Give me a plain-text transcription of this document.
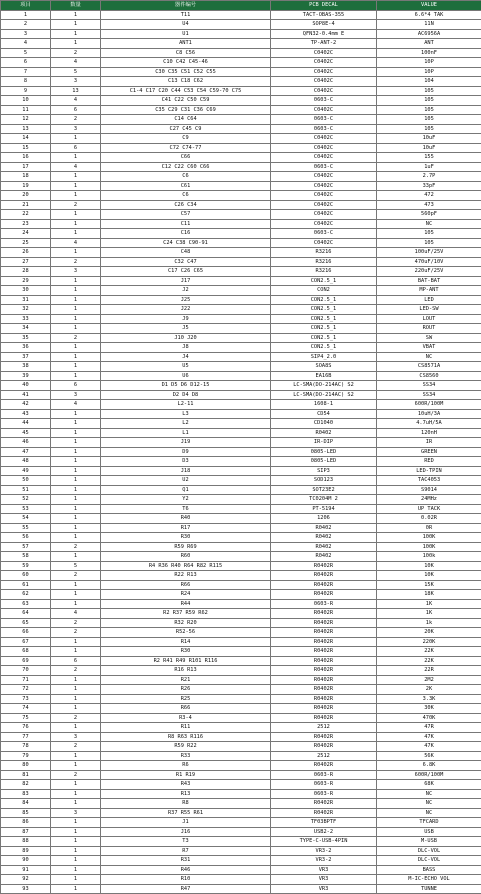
项目	数量	器件编号	PCB DECAL	VALUE
1	1	T11	TACT-OBAS-355	6.6*4 TAK
2	1	U4	SOP8E-4	11N
3	1	U1	QFN32-0.4mm E	AC6956A
4	1	ANT1	TP-ANT-2	ANT
5	2	C8 C56	C0402C	100nF
6	4	C10 C42 C45-46	C0402C	10P
7	5	C30 C35 C51 C52 C55	C0402C	10P
8	3	C13 C18 C62	C0402C	104
9	13	C1-4 C17 C20 C44 C53 C54 C59-70 C75	C0402C	105
10	4	C41 C22 C50 C59	0603-C	105
11	6	C35 C29 C31 C36 C69	C0402C	105
12	2	C14 C64	0603-C	105
13	3	C27 C45 C9	0603-C	105
14	1	C9	C0402C	10uF
15	6	C72 C74-77	C0402C	10uF
16	1	C66	C0402C	155
17	4	C12 C22 C60 C66	0603-C	1uF
18	1	C6	C0402C	2.7P
19	1	C61	C0402C	33pF
20	1	C6	C0402C	472
21	2	C26 C34	C0402C	473
22	1	C57	C0402C	560pF
23	1	C11	C0402C	NC
24	1	C16	0603-C	105
25	4	C24 C38 C90-91	C0402C	105
26	1	C48	R3216	100uF/25V
27	2	C32 C47	R3216	470uF/10V
28	3	C17 C26 C65	R3216	220uF/25V
29	1	J17	CON2.5_1	BAT-BAT
30	1	J2	CON2	MP-ANT
31	1	J25	CON2.5_1	LED
32	1	J22	CON2.5_1	LED-SW
33	1	J9	CON2.5_1	LOUT
34	1	J5	CON2.5_1	ROUT
35	2	J10 J20	CON2.5_1	SW
36	1	J8	CON2.5_1	VBAT
37	1	J4	SIP4_2.0	NC
38	1	U5	SOA8S	CS8571A
39	1	U6	EA16B	CS8560
40	6	D1 D5 D6 D12-15	LC-SMA(DO-214AC) S2	SS34
41	3	D2 D4 D8	LC-SMA(DO-214AC) S2	SS34
42	4	L2-11	1608-1	600R/100M
43	1	L3	CD54	10uH/3A
44	1	L2	CD1040	4.7uH/5A
45	1	L1	R0402	120nH
46	1	J19	IR-DIP	IR
47	1	D9	0805-LED	GREEN
48	1	D3	0805-LED	RED
49	1	J18	SIP3	LED-TPIN
50	1	U2	SOD123	TAC4053
51	1	Q1	SOT23E2	S9014
52	1	Y2	TC0204M 2	24MHz
53	1	T6	PT-5194	UP TACK
54	1	R40	1206	0.02R
55	1	R17	R0402	0R
56	1	R30	R0402	100K
57	2	R59 R69	R0402	100K
58	1	R60	R0402	100k
59	5	R4 R36 R40 R64 R82 R115	R0402R	10K
60	2	R22 R13	R0402R	10K
61	1	R66	R0402R	15K
62	1	R24	R0402R	18K
63	1	R44	0603-R	1K
64	4	R2 R37 R59 R62	R0402R	1K
65	2	R32 R20	R0402R	1k
66	2	R52-56	R0402R	20K
67	1	R14	R0402R	220K
68	1	R30	R0402R	22K
69	6	R2 R41 R49 R101 R116	R0402R	22K
70	2	R16 R13	R0402R	22R
71	1	R21	R0402R	2M2
72	1	R26	R0402R	2K
73	1	R25	R0402R	3.3K
74	1	R66	R0402R	30K
75	2	R3-4	R0402R	470K
76	1	R11	2512	47R
77	3	R8 R63 R116	R0402R	47K
78	2	R59 R22	R0402R	47K
79	1	R33	2512	56K
80	1	R6	R0402R	6.8K
81	2	R1 R19	0603-R	600R/100M
82	1	R43	0603-R	68K
83	1	R13	0603-R	NC
84	1	R8	R0402R	NC
85	3	R37 R55 R61	R0402R	NC
86	1	J1	TF03BPTF	TFCARD
87	1	J16	USB2-2	USB
88	1	T3	TYPE-C-USB-4PIN	M-USB
89	1	R7	VR3-2	DLC-VOL
90	1	R31	VR3-2	DLC-VOL
91	1	R46	VR3	BASS
92	1	R10	VR3	M-IC-ECHO VOL
93	1	R47	VR3	TUNNE
